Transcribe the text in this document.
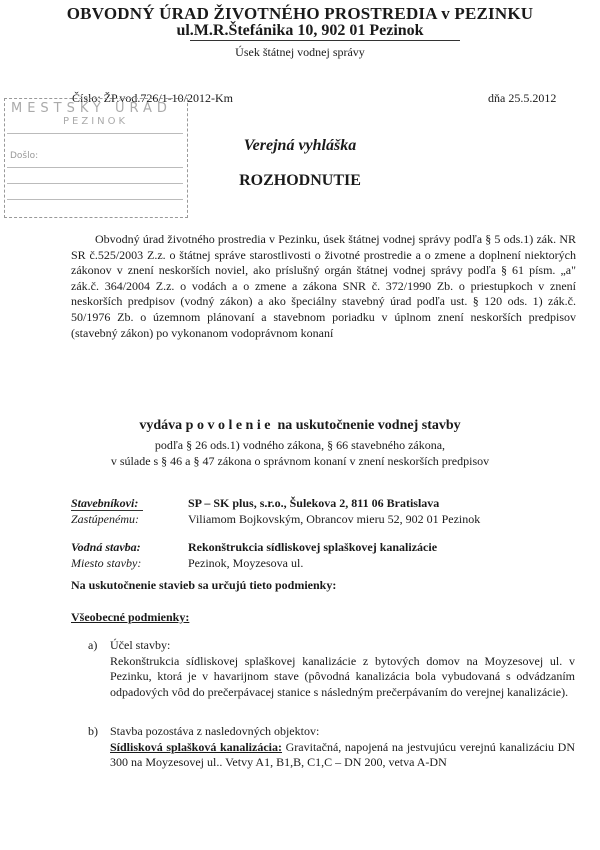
OBVODNÝ ÚRAD ŽIVOTNÉHO PROSTREDIA v PEZINKU
ul.M.R.Štefánika 10, 902 01 Pezinok
Úsek štátnej vodnej správy
Číslo: ŽP.vod.726/1-10/2012-Km	dňa 25.5.2012
MESTSKÝ ÚRAD
PEZINOK
Došlo:
Verejná vyhláška
ROZHODNUTIE
Obvodný úrad životného prostredia v Pezinku, úsek štátnej vodnej správy podľa § 5 ods.1) zák. NR SR č.525/2003 Z.z. o štátnej správe starostlivosti o životné prostredie a o zmene a doplnení niektorých zákonov v znení neskorších noviel, ako príslušný orgán štátnej vodnej správy podľa § 61 písm. „a" zák.č. 364/2004 Z.z. o vodách a o zmene a zákona SNR č. 372/1990 Zb. o priestupkoch v znení neskorších predpisov (vodný zákon) a ako špeciálny stavebný úrad podľa ust. § 120 ods. 1) zák.č. 50/1976 Zb. o územnom plánovaní a stavebnom poriadku v úplnom znení neskorších predpisov (stavebný zákon) po vykonanom vodoprávnom konaní
vydáva povolenie na uskutočnenie vodnej stavby
podľa § 26 ods.1) vodného zákona, § 66 stavebného zákona,
v súlade s § 46 a § 47 zákona o správnom konaní v znení neskorších predpisov
Stavebníkovi:	SP – SK plus, s.r.o., Šulekova 2, 811 06 Bratislava
Zastúpenému:	Viliamom Bojkovským, Obrancov mieru 52, 902 01 Pezinok
Vodná stavba:	Rekonštrukcia sídliskovej splaškovej kanalizácie
Miesto stavby:	Pezinok, Moyzesova ul.
Na uskutočnenie stavieb sa určujú tieto podmienky:
Všeobecné podmienky:
a) Účel stavby:
Rekonštrukcia sídliskovej splaškovej kanalizácie z bytových domov na Moyzesovej ul. v Pezinku, ktorá je v havarijnom stave (pôvodná kanalizácia bola vybudovaná s odvádzaním odpadových vôd do prečerpávacej stanice s následným prečerpávaním do verejnej kanalizácie).
b) Stavba pozostáva z nasledovných objektov:
Sídlisková splašková kanalizácia: Gravitačná, napojená na jestvujúcu verejnú kanalizáciu DN 300 na Moyzesovej ul.. Vetvy A1, B1,B, C1,C – DN 200, vetva A-DN
